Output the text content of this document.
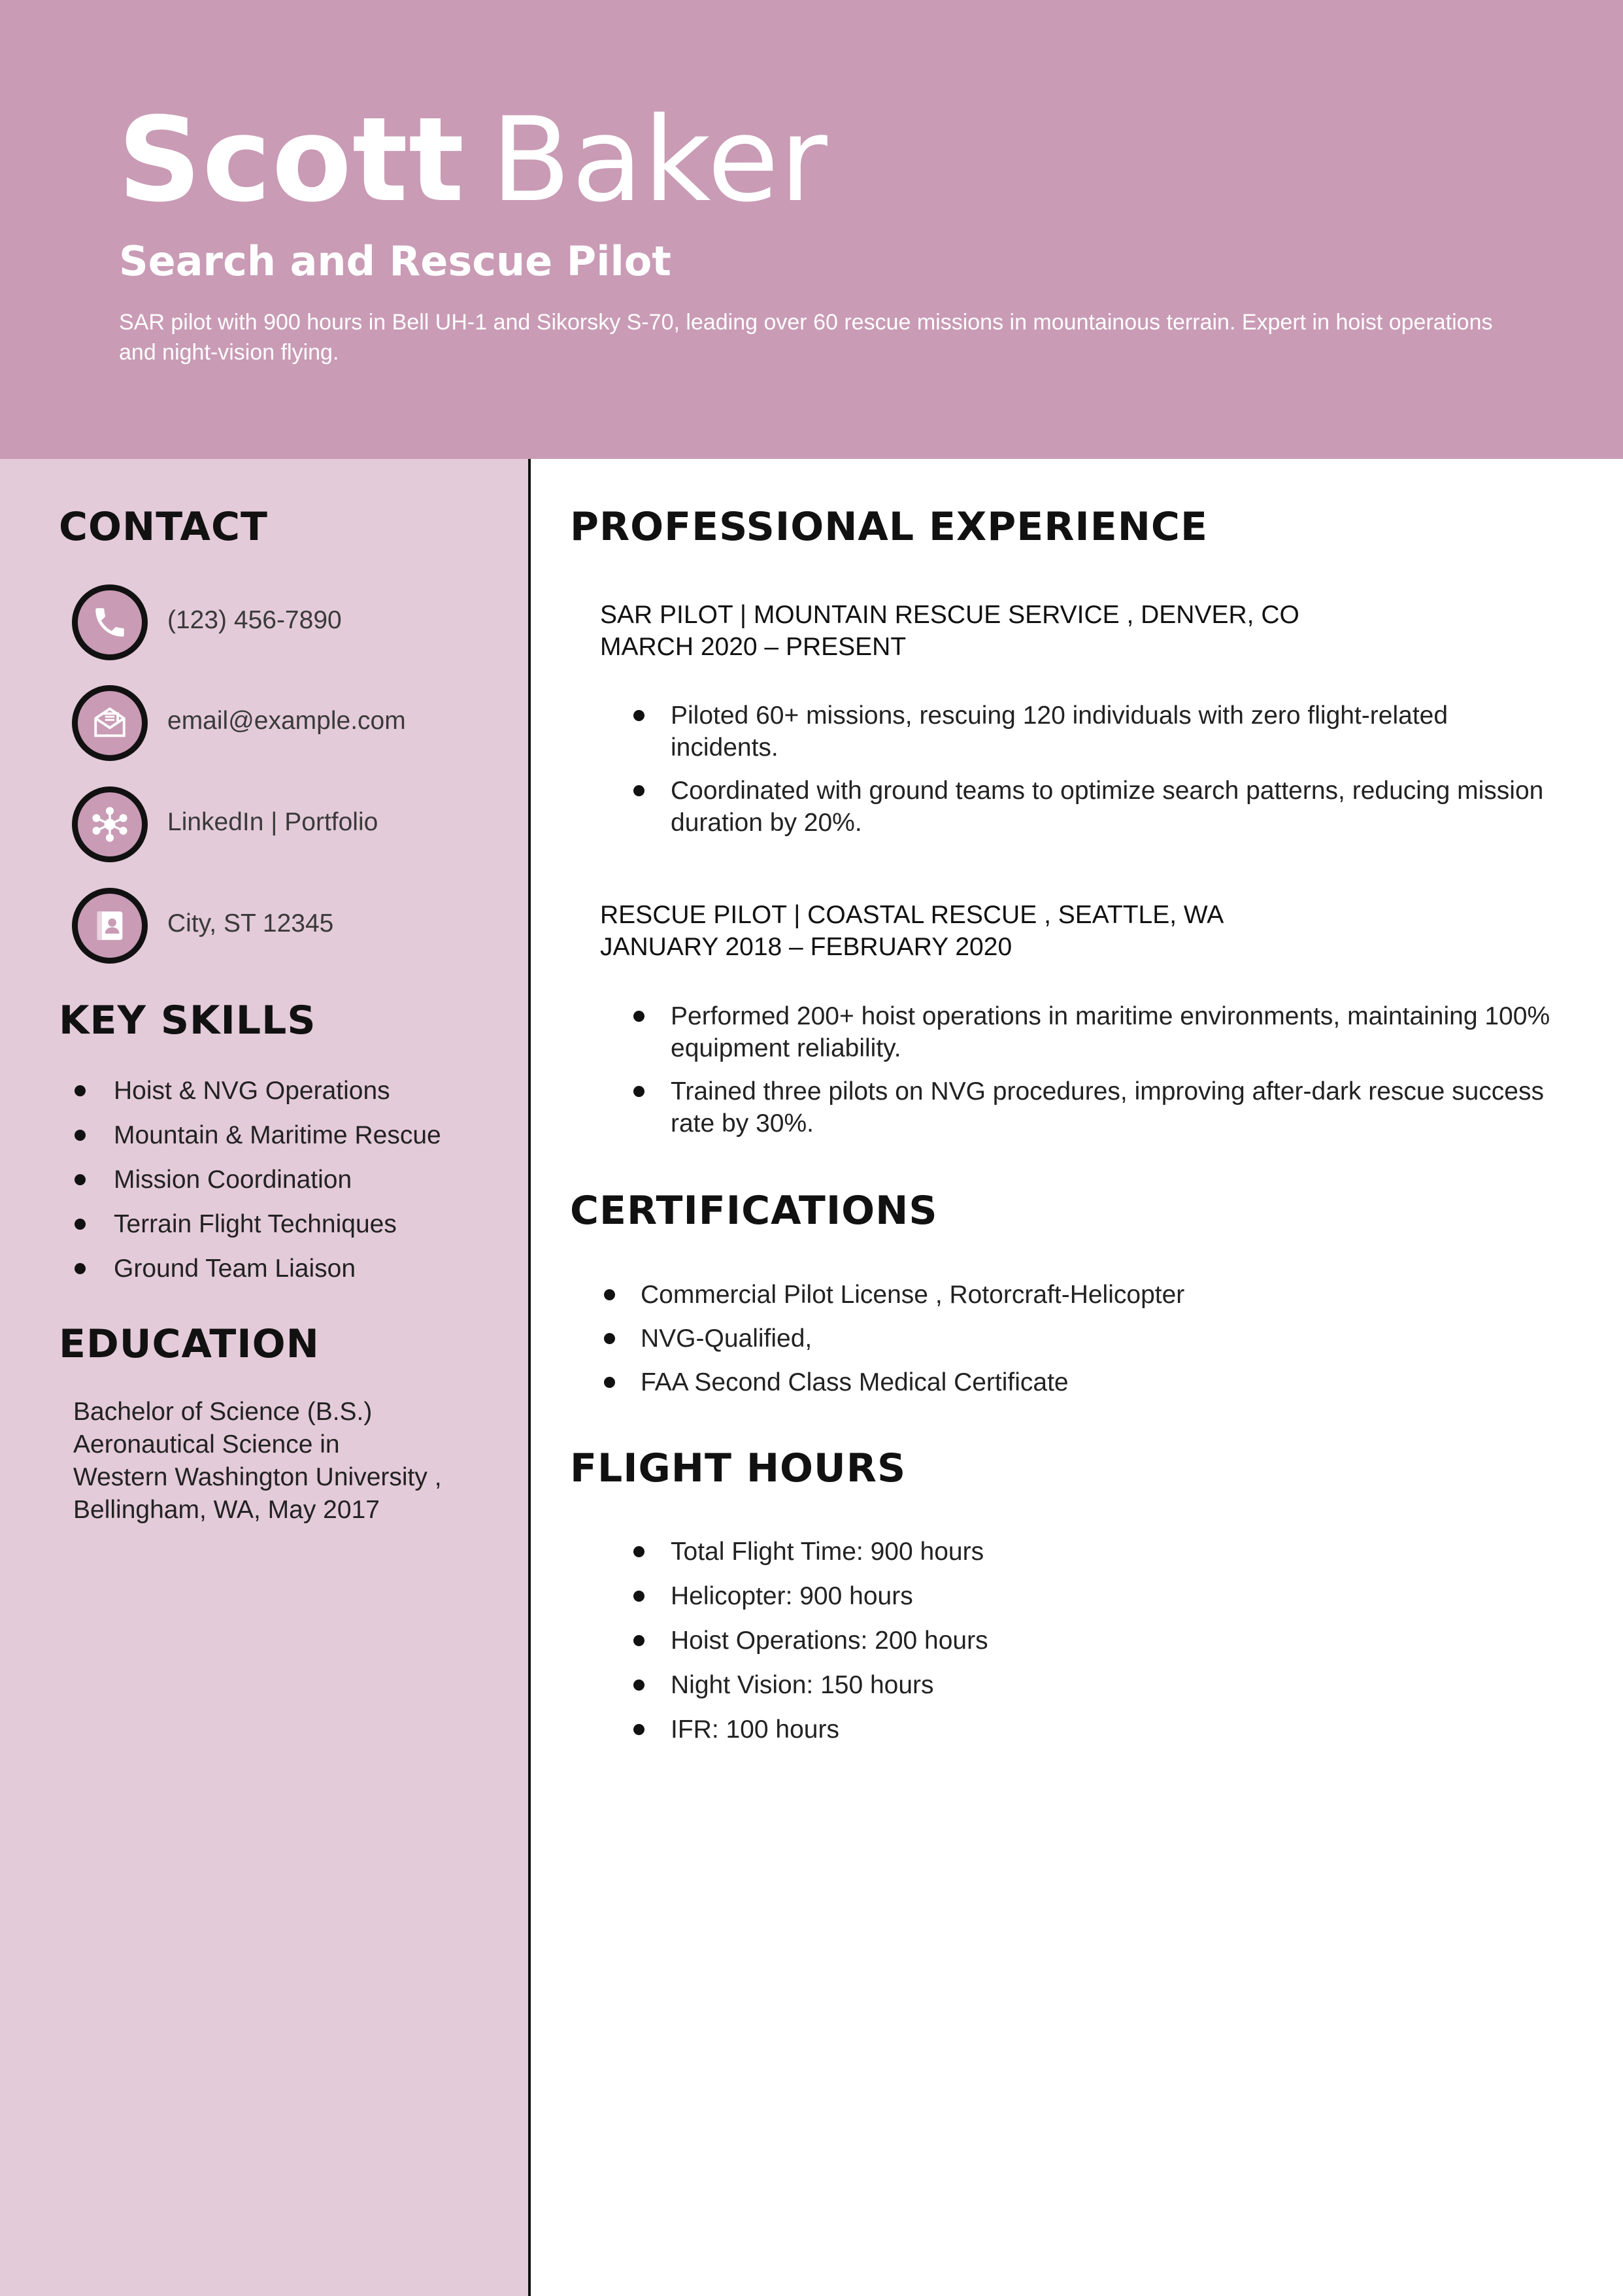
Scott Baker
Search and Rescue Pilot
SAR pilot with 900 hours in Bell UH-1 and Sikorsky S-70, leading over 60 rescue missions in mountainous terrain. Expert in hoist operations and night-vision flying.
CONTACT
(123) 456-7890
email@example.com
LinkedIn | Portfolio
City, ST 12345
KEY SKILLS
Hoist & NVG Operations
Mountain & Maritime Rescue
Mission Coordination
Terrain Flight Techniques
Ground Team Liaison
EDUCATION
Bachelor of Science (B.S.)
Aeronautical Science in
Western Washington University ,
Bellingham, WA, May 2017
PROFESSIONAL EXPERIENCE
SAR PILOT | MOUNTAIN RESCUE SERVICE , DENVER, CO
MARCH 2020 – PRESENT
Piloted 60+ missions, rescuing 120 individuals with zero flight-related incidents.
Coordinated with ground teams to optimize search patterns, reducing mission duration by 20%.
RESCUE PILOT | COASTAL RESCUE , SEATTLE, WA
JANUARY 2018 – FEBRUARY 2020
Performed 200+ hoist operations in maritime environments, maintaining 100% equipment reliability.
Trained three pilots on NVG procedures, improving after-dark rescue success rate by 30%.
CERTIFICATIONS
Commercial Pilot License , Rotorcraft-Helicopter
NVG-Qualified,
FAA Second Class Medical Certificate
FLIGHT HOURS
Total Flight Time: 900 hours
Helicopter: 900 hours
Hoist Operations: 200 hours
Night Vision: 150 hours
IFR: 100 hours
